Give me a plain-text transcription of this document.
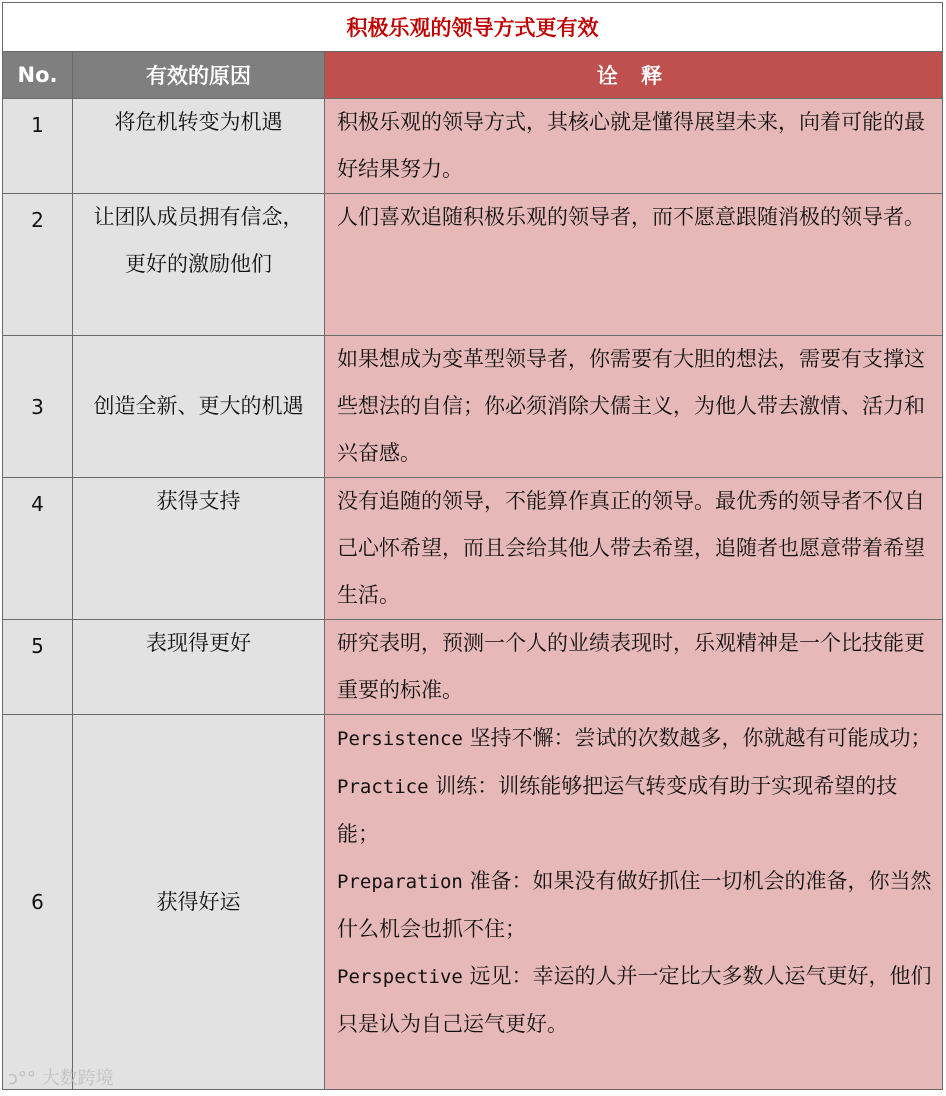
积极乐观的领导方式更有效		
No.	有效的原因	诠 释
1	将危机转变为机遇	积极乐观的领导方式，其核心就是懂得展望未来，向着可能的最好结果努力。
2	让团队成员拥有信念，
更好的激励他们	人们喜欢追随积极乐观的领导者，而不愿意跟随消极的领导者。
3	创造全新、更大的机遇	如果想成为变革型领导者，你需要有大胆的想法，需要有支撑这些想法的自信；你必须消除犬儒主义，为他人带去激情、活力和兴奋感。
4	获得支持	没有追随的领导，不能算作真正的领导。最优秀的领导者不仅自己心怀希望，而且会给其他人带去希望，追随者也愿意带着希望生活。
5	表现得更好	研究表明，预测一个人的业绩表现时，乐观精神是一个比技能更重要的标准。
6	获得好运	Persistence 坚持不懈：尝试的次数越多，你就越有可能成功；
Practice 训练：训练能够把运气转变成有助于实现希望的技能；
Preparation 准备：如果没有做好抓住一切机会的准备，你当然什么机会也抓不住；
Perspective 远见：幸运的人并一定比大多数人运气更好，他们只是认为自己运气更好。
ↄ°° 大数跨境
